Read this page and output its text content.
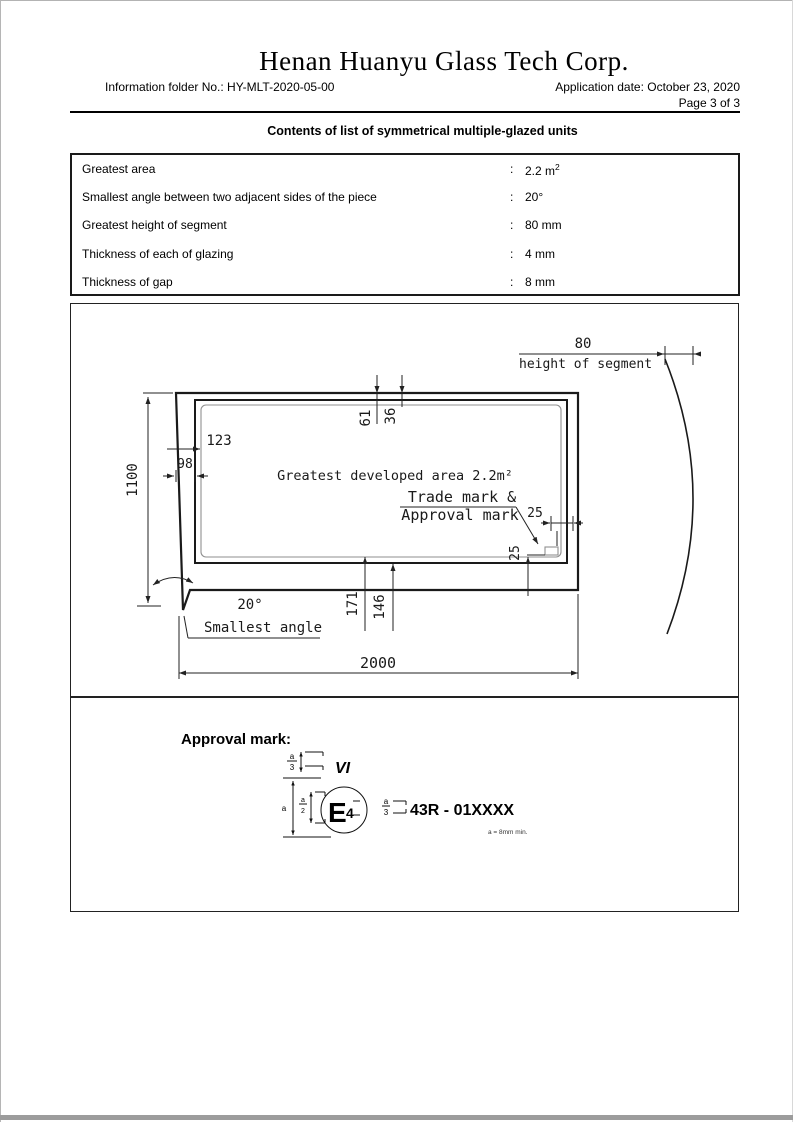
Henan Huanyu Glass Tech Corp.
Information folder No.: HY-MLT-2020-05-00	Application date: October 23, 2020
Page 3 of 3
Contents of list of symmetrical multiple-glazed units
Greatest area	: 2.2 $m^2$
Smallest angle between two adjacent sides of the piece	: 20°
Greatest height of segment	: 80 mm
Thickness of each of glazing	: 4 mm
Thickness of gap	: 8 mm
1100
123
98
61 36
171 146
25
25
Trade mark &
Approval mark
Greatest developed area 2.2m²
20°
Smallest angle
2000
80
height of segment
Approval mark:
a
3	VI
a
a
2 E 4
a
3 43R - 01XXXX
a = 8mm min.
